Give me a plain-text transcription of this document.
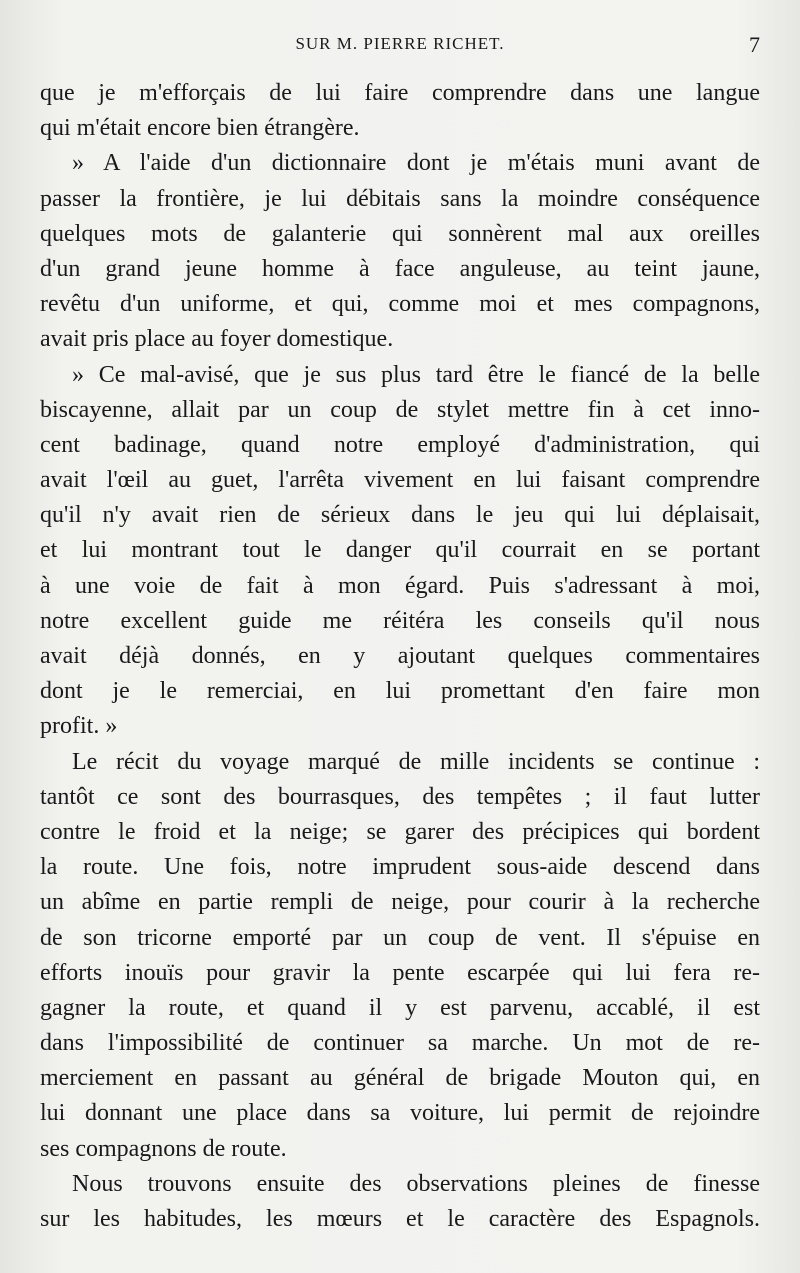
SUR M. PIERRE RICHET.	7
que je m'efforçais de lui faire comprendre dans une langue
qui m'était encore bien étrangère.
» A l'aide d'un dictionnaire dont je m'étais muni avant de
passer la frontière, je lui débitais sans la moindre conséquence
quelques mots de galanterie qui sonnèrent mal aux oreilles
d'un grand jeune homme à face anguleuse, au teint jaune,
revêtu d'un uniforme, et qui, comme moi et mes compagnons,
avait pris place au foyer domestique.
» Ce mal-avisé, que je sus plus tard être le fiancé de la belle
biscayenne, allait par un coup de stylet mettre fin à cet inno-
cent badinage, quand notre employé d'administration, qui
avait l'œil au guet, l'arrêta vivement en lui faisant comprendre
qu'il n'y avait rien de sérieux dans le jeu qui lui déplaisait,
et lui montrant tout le danger qu'il courrait en se portant
à une voie de fait à mon égard. Puis s'adressant à moi,
notre excellent guide me réitéra les conseils qu'il nous
avait déjà donnés, en y ajoutant quelques commentaires
dont je le remerciai, en lui promettant d'en faire mon
profit. »
Le récit du voyage marqué de mille incidents se continue :
tantôt ce sont des bourrasques, des tempêtes ; il faut lutter
contre le froid et la neige; se garer des précipices qui bordent
la route. Une fois, notre imprudent sous-aide descend dans
un abîme en partie rempli de neige, pour courir à la recherche
de son tricorne emporté par un coup de vent. Il s'épuise en
efforts inouïs pour gravir la pente escarpée qui lui fera re-
gagner la route, et quand il y est parvenu, accablé, il est
dans l'impossibilité de continuer sa marche. Un mot de re-
merciement en passant au général de brigade Mouton qui, en
lui donnant une place dans sa voiture, lui permit de rejoindre
ses compagnons de route.
Nous trouvons ensuite des observations pleines de finesse
sur les habitudes, les mœurs et le caractère des Espagnols.
